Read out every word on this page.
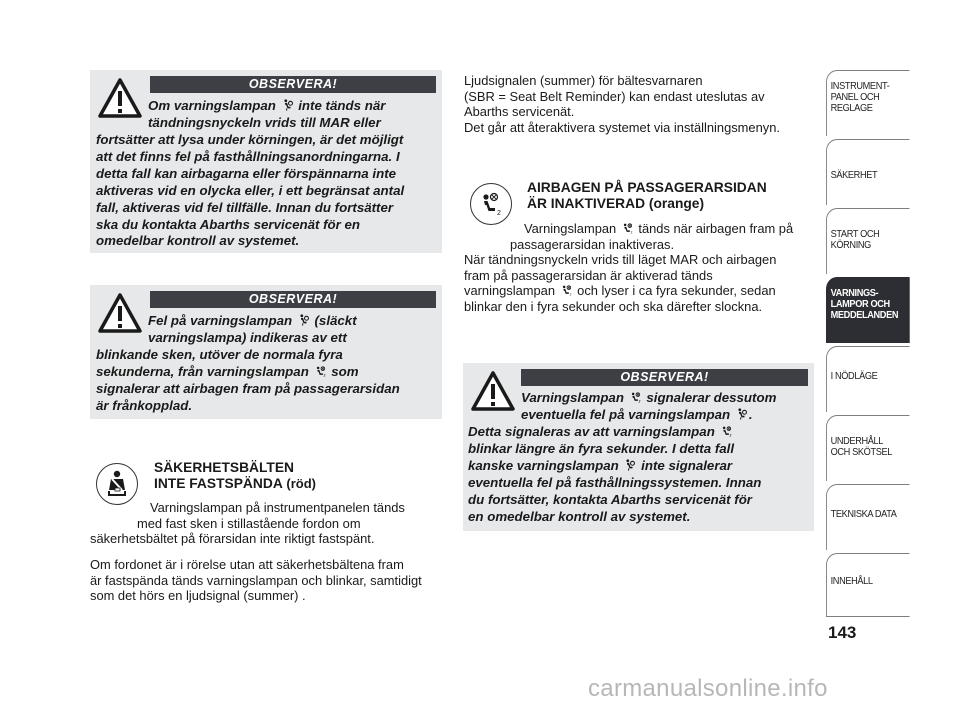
OBSERVERA!

Om varningslampan  inte tänds när

tändningsnyckeln vrids till MAR eller

fortsätter att lysa under körningen, är det möjligt

att det finns fel på fasthållningsanordningarna. I

detta fall kan airbagarna eller förspännarna inte

aktiveras vid en olycka eller, i ett begränsat antal

fall, aktiveras vid fel tillfälle. Innan du fortsätter

ska du kontakta Abarths servicenät för en

omedelbar kontroll av systemet.

OBSERVERA!

Fel på varningslampan  (släckt

varningslampa) indikeras av ett

blinkande sken, utöver de normala fyra

sekunderna, från varningslampan  som

signalerar att airbagen fram på passagerarsidan

är frånkopplad.

SÄKERHETSBÄLTEN
INTE FASTSPÄNDA (röd)

Varningslampan på instrumentpanelen tänds

med fast sken i stillastående fordon om

säkerhetsbältet på förarsidan inte riktigt fastspänt.

Om fordonet är i rörelse utan att säkerhetsbältena fram

är fastspända tänds varningslampan och blinkar, samtidigt

som det hörs en ljudsignal (summer) .

Ljudsignalen (summer) för bältesvarnaren

(SBR = Seat Belt Reminder) kan endast uteslutas av

Abarths servicenät.

Det går att återaktivera systemet via inställningsmenyn.

2
AIRBAGEN PÅ PASSAGERARSIDAN
ÄR INAKTIVERAD (orange)

Varningslampan  tänds när airbagen fram på

passagerarsidan inaktiveras.

När tändningsnyckeln vrids till läget MAR och airbagen

fram på passagerarsidan är aktiverad tänds

varningslampan  och lyser i ca fyra sekunder, sedan

blinkar den i fyra sekunder och ska därefter slockna.

OBSERVERA!

Varningslampan  signalerar dessutom

eventuella fel på varningslampan .

Detta signaleras av att varningslampan

blinkar längre än fyra sekunder. I detta fall

kanske varningslampan  inte signalerar

eventuella fel på fasthållningssystemen. Innan

du fortsätter, kontakta Abarths servicenät för

en omedelbar kontroll av systemet.

INSTRUMENT-
PANEL OCH
REGLAGE
SÄKERHET
START OCH
KÖRNING
VARNINGS-
LAMPOR OCH
MEDDELANDEN
I NÖDLÄGE
UNDERHÅLL
OCH SKÖTSEL
TEKNISKA DATA
INNEHÅLL
143
carmanualsonline.info
